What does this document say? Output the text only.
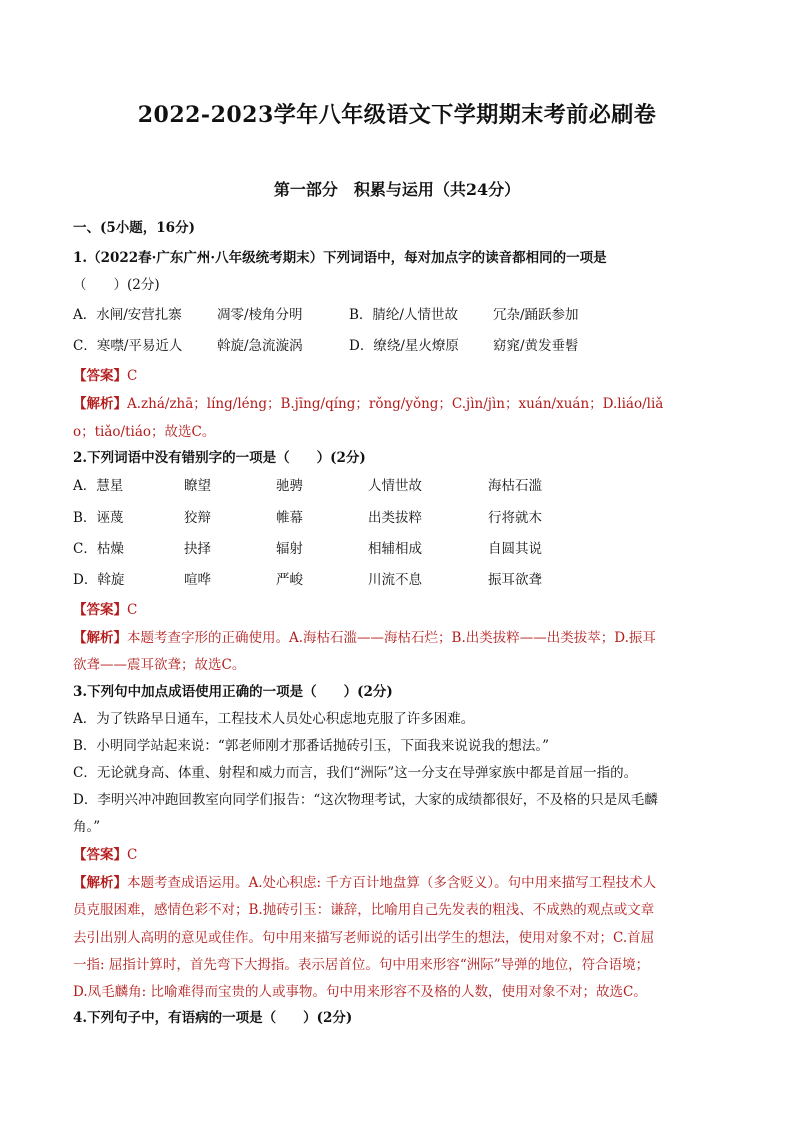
2022-2023学年八年级语文下学期期末考前必刷卷
第一部分　积累与运用（共24分）
一、(5小题，16分)
1.（2022春·广东广州·八年级统考期末）下列词语中，每对加点字的读音都相同的一项是
（　　）(2分)
A．水闸/安营扎寨	凋零/棱角分明	B．腈纶/人情世故	冗杂/踊跃参加
C．寒噤/平易近人	斡旋/急流漩涡	D．缭绕/星火燎原	窈窕/黄发垂髫
【答案】C
【解析】A.zhá/zhā；líng/léng；B.jīng/qíng；rǒng/yǒng；C.jìn/jìn；xuán/xuán；D.liáo/liǎ
o；tiǎo/tiáo；故选C。
2.下列词语中没有错别字的一项是（　　）(2分)
A．慧星	瞭望	驰骋	人情世故	海枯石滥
B．诬蔑	狡辩	帷幕	出类拔粹	行将就木
C．枯燥	抉择	辐射	相辅相成	自圆其说
D．斡旋	喧哗	严峻	川流不息	振耳欲聋
【答案】C
【解析】本题考查字形的正确使用。A.海枯石滥——海枯石烂；B.出类拔粹——出类拔萃；D.振耳
欲聋——震耳欲聋；故选C。
3.下列句中加点成语使用正确的一项是（　　）(2分)
A．为了铁路早日通车，工程技术人员处心积虑地克服了许多困难。
B．小明同学站起来说：“郭老师刚才那番话抛砖引玉，下面我来说说我的想法。”
C．无论就身高、体重、射程和威力而言，我们“洲际”这一分支在导弹家族中都是首屈一指的。
D．李明兴冲冲跑回教室向同学们报告：“这次物理考试，大家的成绩都很好，不及格的只是凤毛麟
角。”
【答案】C
【解析】本题考查成语运用。A.处心积虑: 千方百计地盘算（多含贬义）。句中用来描写工程技术人
员克服困难，感情色彩不对；B.抛砖引玉：谦辞，比喻用自己先发表的粗浅、不成熟的观点或文章
去引出别人高明的意见或佳作。句中用来描写老师说的话引出学生的想法，使用对象不对；C.首屈
一指: 屈指计算时，首先弯下大拇指。表示居首位。句中用来形容“洲际”导弹的地位，符合语境；
D.凤毛麟角: 比喻难得而宝贵的人或事物。句中用来形容不及格的人数，使用对象不对；故选C。
4.下列句子中，有语病的一项是（　　）(2分)
